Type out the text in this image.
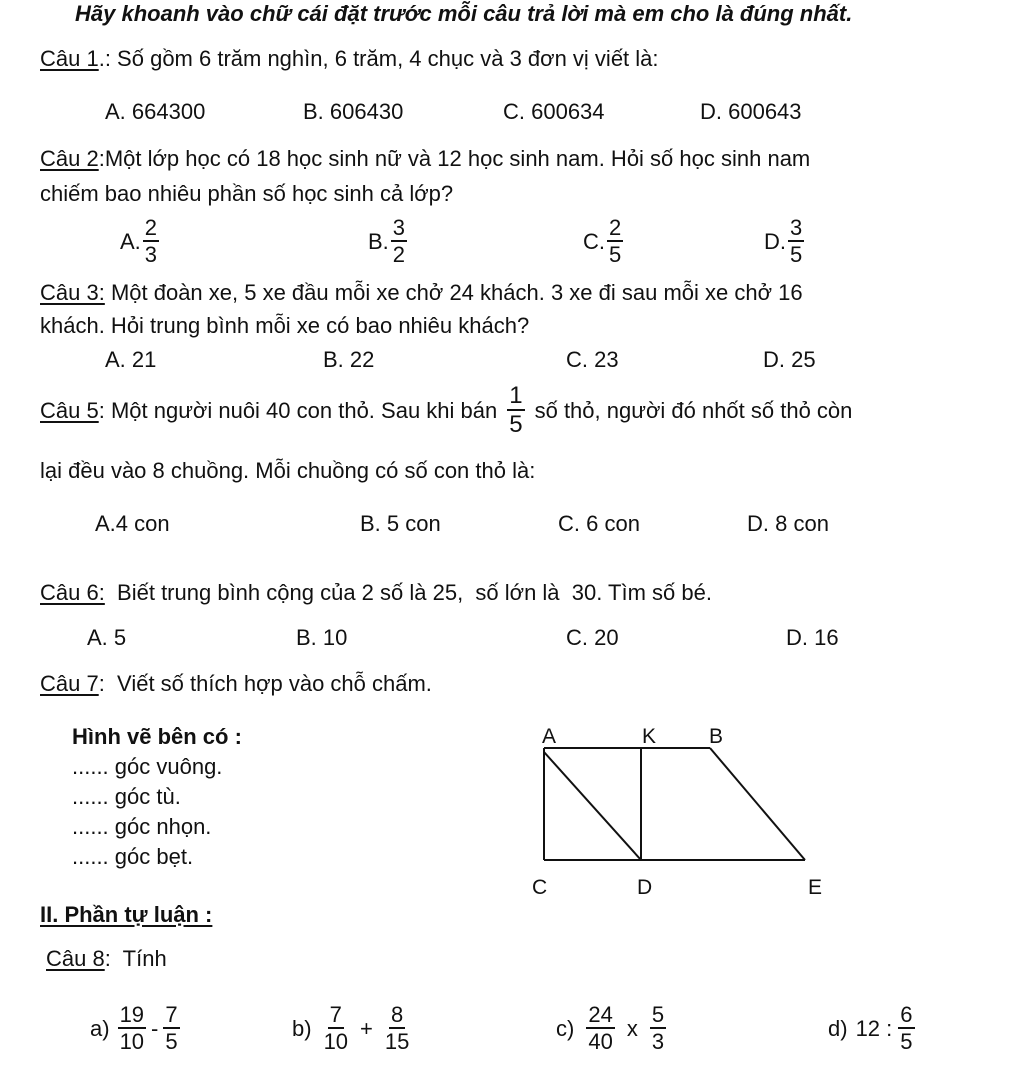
Hãy khoanh vào chữ cái đặt trước mỗi câu trả lời mà em cho là đúng nhất.
Câu 1.: Số gồm 6 trăm nghìn, 6 trăm, 4 chục và 3 đơn vị viết là:
A. 664300	B. 606430	C. 600634	D. 600643
Câu 2:Một lớp học có 18 học sinh nữ và 12 học sinh nam. Hỏi số học sinh nam
chiếm bao nhiêu phần số học sinh cả lớp?
A. $\frac{2}{3}$	B. $\frac{3}{2}$	C. $\frac{2}{5}$	D. $\frac{3}{5}$
Câu 3: Một đoàn xe, 5 xe đầu mỗi xe chở 24 khách. 3 xe đi sau mỗi xe chở 16
khách. Hỏi trung bình mỗi xe có bao nhiêu khách?
A. 21	B. 22	C. 23	D. 25
Câu 5 : Một người nuôi 40 con thỏ. Sau khi bán $\frac{1}{5}$ số thỏ, người đó nhốt số thỏ còn
lại đều vào 8 chuồng. Mỗi chuồng có số con thỏ là:
A.4 con	B. 5 con	C. 6 con	D. 8 con
Câu 6:  Biết trung bình cộng của 2 số là 25,  số lớn là  30. Tìm số bé.
A. 5	B. 10	C. 20	D. 16
Câu 7:  Viết số thích hợp vào chỗ chấm.
Hình vẽ bên có :
...... góc vuông.
...... góc tù.
...... góc nhọn.
...... góc bẹt.
A	K	B
C	D	E
II. Phần tự luận :
Câu 8:  Tính
$a) \frac{19}{10} - \frac{7}{5}$	$b) \frac{7}{10} + \frac{8}{15}$	$c) \frac{24}{40}$ x $\frac{5}{3}$	d) 12 : $\frac{6}{5}$
